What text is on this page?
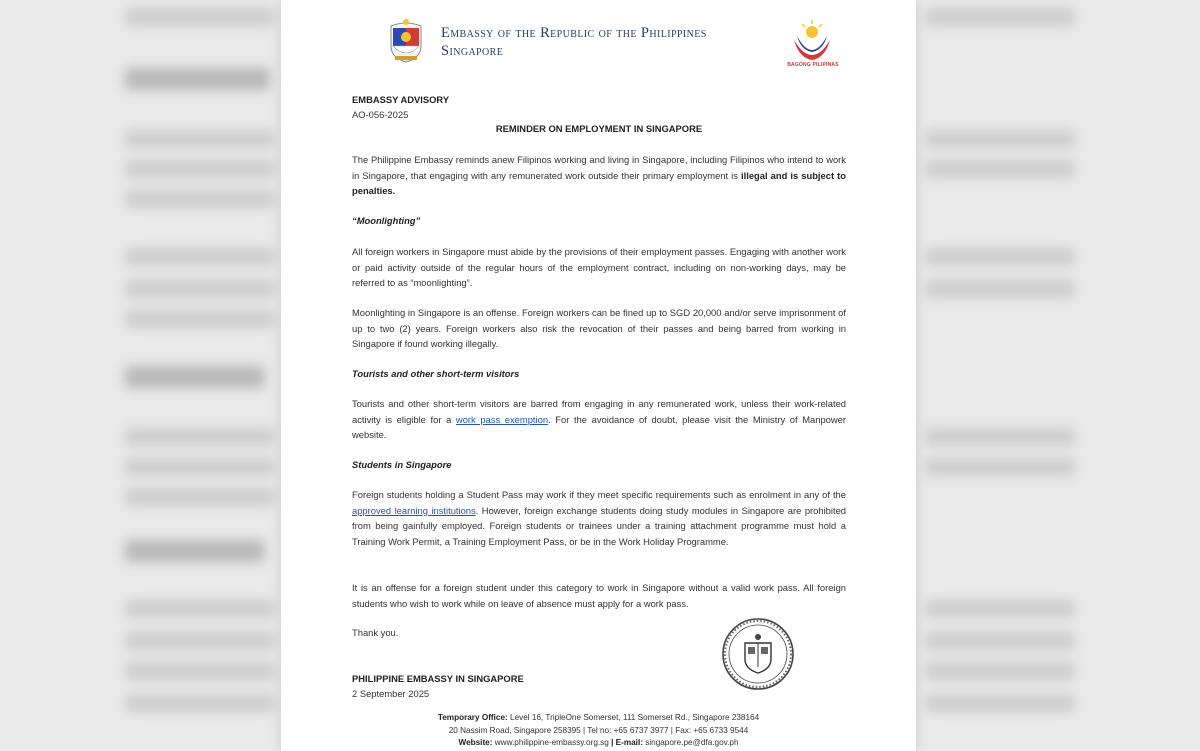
Embassy of the Republic of the Philippines
Singapore
BAGONG PILIPINAS

EMBASSY ADVISORY

AO-056-2025

REMINDER ON EMPLOYMENT IN SINGAPORE

The Philippine Embassy reminds anew Filipinos working and living in Singapore, including Filipinos who intend to work in Singapore, that engaging with any remunerated work outside their primary employment is illegal and is subject to penalties.

“Moonlighting”

All foreign workers in Singapore must abide by the provisions of their employment passes. Engaging with another work or paid activity outside of the regular hours of the employment contract, including on non-working days, may be referred to as “moonlighting”.

Moonlighting in Singapore is an offense. Foreign workers can be fined up to SGD 20,000 and/or serve imprisonment of up to two (2) years. Foreign workers also risk the revocation of their passes and being barred from working in Singapore if found working illegally.

Tourists and other short-term visitors

Tourists and other short-term visitors are barred from engaging in any remunerated work, unless their work-related activity is eligible for a work pass exemption. For the avoidance of doubt, please visit the Ministry of Manpower website.

Students in Singapore

Foreign students holding a Student Pass may work if they meet specific requirements such as enrolment in any of the approved learning institutions. However, foreign exchange students doing study modules in Singapore are prohibited from being gainfully employed. Foreign students or trainees under a training attachment programme must hold a Training Work Permit, a Training Employment Pass, or be in the Work Holiday Programme.

It is an offense for a foreign student under this category to work in Singapore without a valid work pass. All foreign students who wish to work while on leave of absence must apply for a work pass.

Thank you.

PHILIPPINE EMBASSY IN SINGAPORE

2 September 2025

Temporary Office: Level 16, TripleOne Somerset, 111 Somerset Rd., Singapore 238164
20 Nassim Road, Singapore 258395 | Tel no: +65 6737 3977 | Fax: +65 6733 9544
Website: www.philippine-embassy.org.sg | E-mail: singapore.pe@dfa.gov.ph
